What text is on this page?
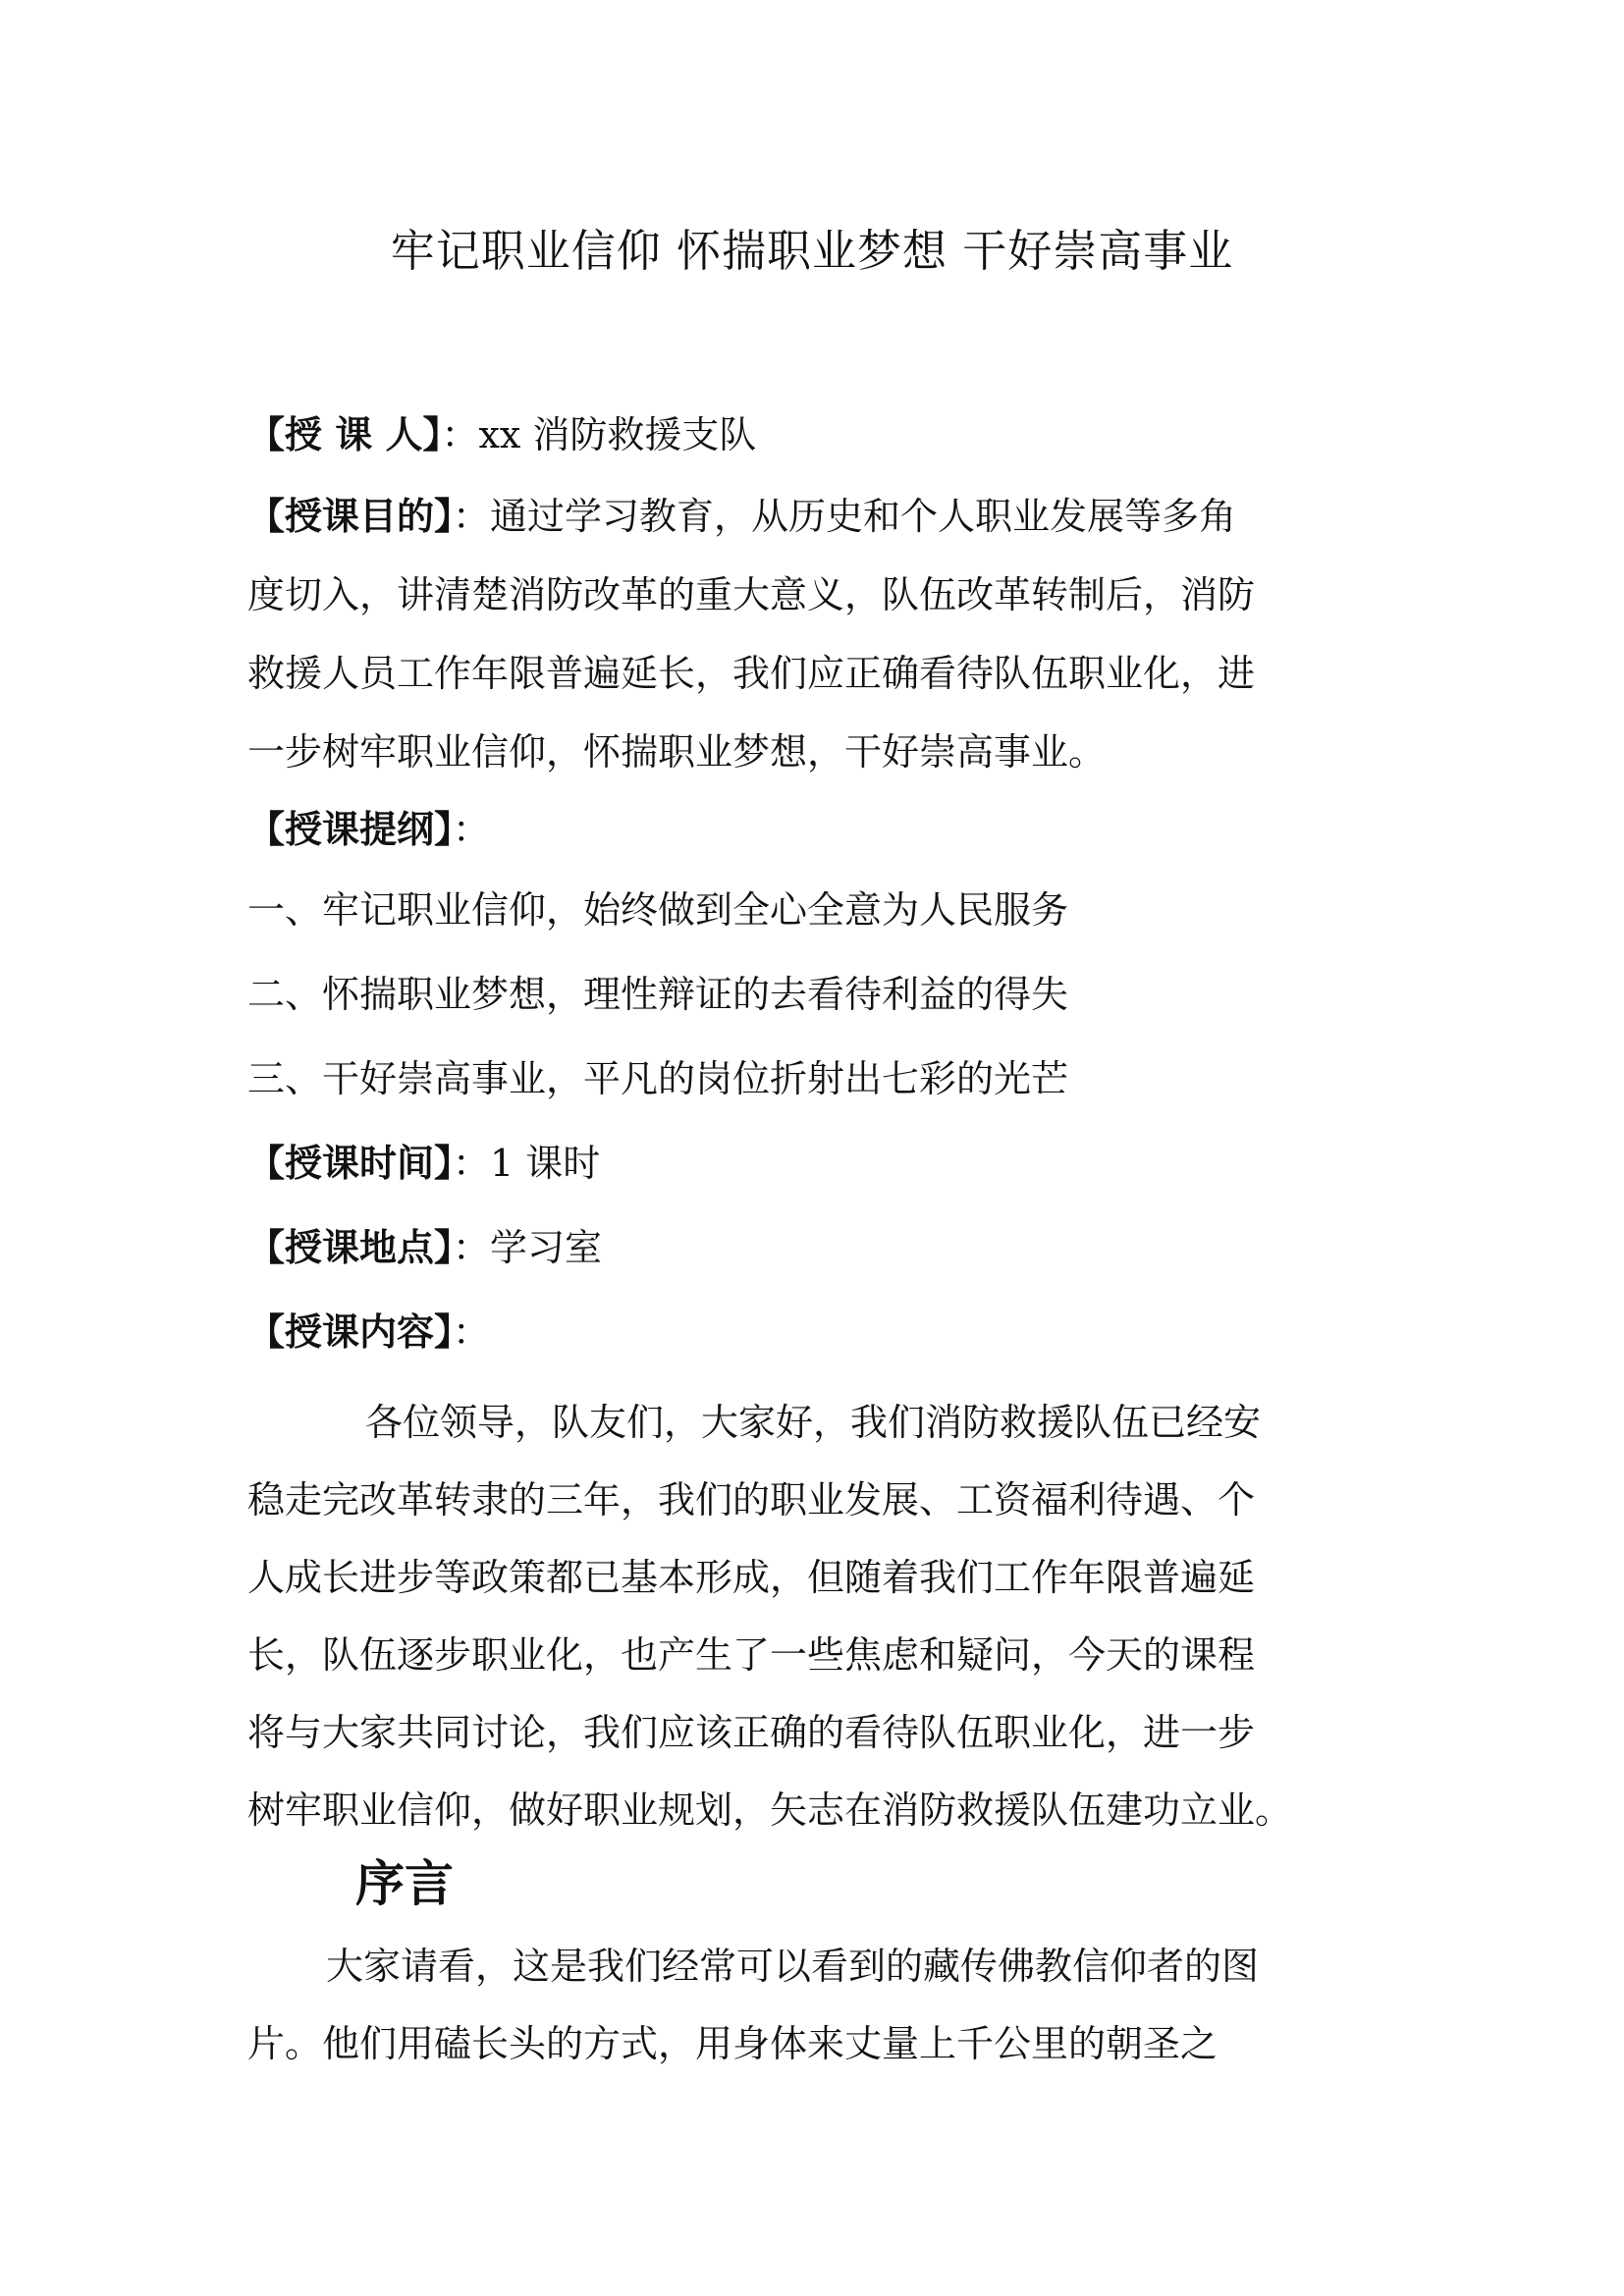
牢记职业信仰 怀揣职业梦想 干好崇高事业
【授 课 人】：xx 消防救援支队
【授课目的】：通过学习教育，从历史和个人职业发展等多角
度切入，讲清楚消防改革的重大意义，队伍改革转制后，消防
救援人员工作年限普遍延长，我们应正确看待队伍职业化，进
一步树牢职业信仰，怀揣职业梦想，干好崇高事业。
【授课提纲】：
一、牢记职业信仰，始终做到全心全意为人民服务
二、怀揣职业梦想，理性辩证的去看待利益的得失
三、干好崇高事业，平凡的岗位折射出七彩的光芒
【授课时间】：1 课时
【授课地点】：学习室
【授课内容】：
各位领导，队友们，大家好，我们消防救援队伍已经安
稳走完改革转隶的三年，我们的职业发展、工资福利待遇、个
人成长进步等政策都已基本形成，但随着我们工作年限普遍延
长，队伍逐步职业化，也产生了一些焦虑和疑问，今天的课程
将与大家共同讨论，我们应该正确的看待队伍职业化，进一步
树牢职业信仰，做好职业规划，矢志在消防救援队伍建功立业。
序言
大家请看，这是我们经常可以看到的藏传佛教信仰者的图
片。他们用磕长头的方式，用身体来丈量上千公里的朝圣之
